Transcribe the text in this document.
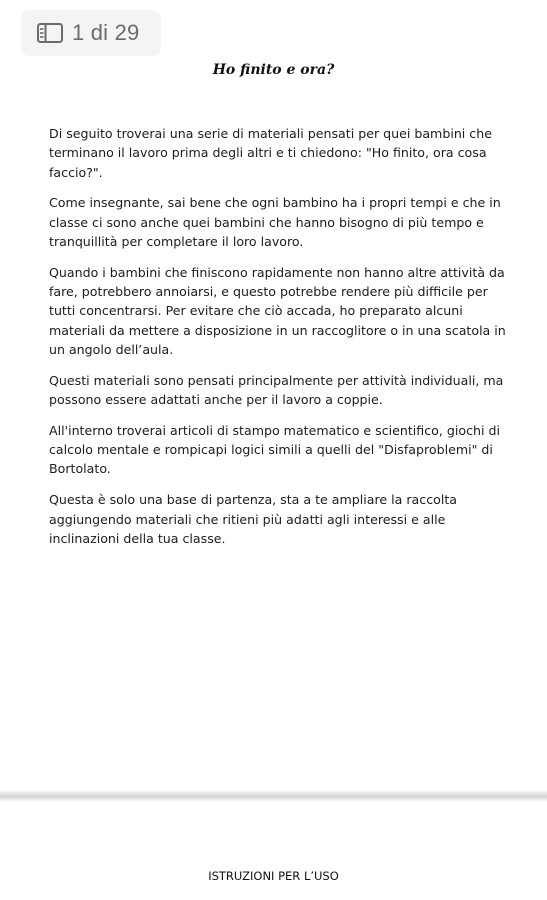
1 di 29
Ho finito e ora?

Di seguito troverai una serie di materiali pensati per quei bambini che terminano il lavoro prima degli altri e ti chiedono: "Ho finito, ora cosa faccio?".

Come insegnante, sai bene che ogni bambino ha i propri tempi e che in classe ci sono anche quei bambini che hanno bisogno di più tempo e tranquillità per completare il loro lavoro.

Quando i bambini che finiscono rapidamente non hanno altre attività da fare, potrebbero annoiarsi, e questo potrebbe rendere più difficile per tutti concentrarsi. Per evitare che ciò accada, ho preparato alcuni materiali da mettere a disposizione in un raccoglitore o in una scatola in un angolo dell’aula.

Questi materiali sono pensati principalmente per attività individuali, ma possono essere adattati anche per il lavoro a coppie.

All'interno troverai articoli di stampo matematico e scientifico, giochi di calcolo mentale e rompicapi logici simili a quelli del "Disfaproblemi" di Bortolato.

Questa è solo una base di partenza, sta a te ampliare la raccolta aggiungendo materiali che ritieni più adatti agli interessi e alle inclinazioni della tua classe.

ISTRUZIONI PER L’USO
